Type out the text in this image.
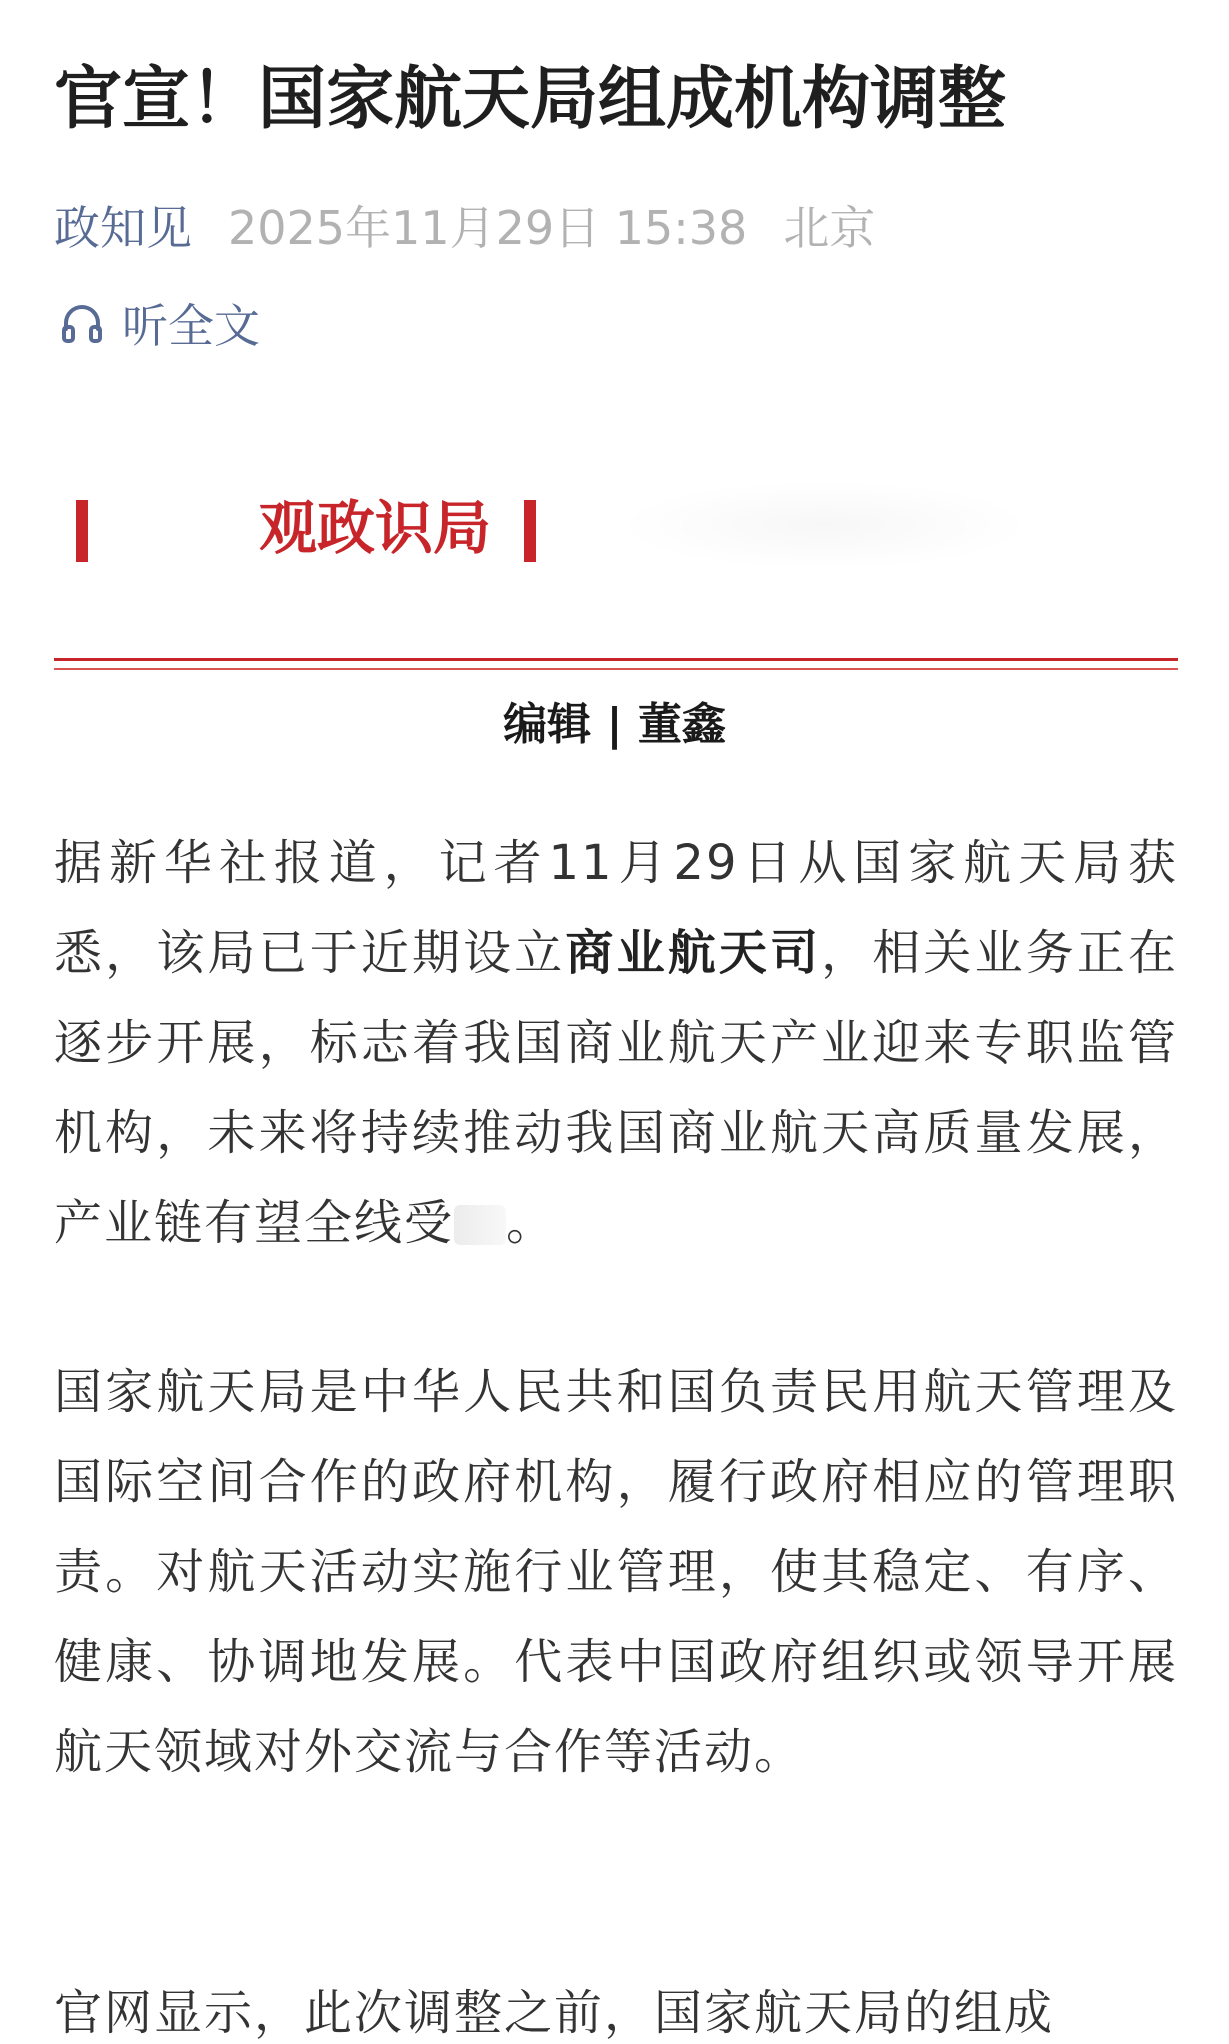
官宣！国家航天局组成机构调整
政知见 2025年11月29日 15:38 北京
听全文
观政识局
编辑 | 董鑫

据新华社报道，记者11月29日从国家航天局获悉，该局已于近期设立商业航天司，相关业务正在逐步开展，标志着我国商业航天产业迎来专职监管机构，未来将持续推动我国商业航天高质量发展，产业链有望全线受 。

国家航天局是中华人民共和国负责民用航天管理及国际空间合作的政府机构，履行政府相应的管理职责。对航天活动实施行业管理，使其稳定、有序、健康、协调地发展。代表中国政府组织或领导开展航天领域对外交流与合作等活动。

官网显示，此次调整之前，国家航天局的组成
